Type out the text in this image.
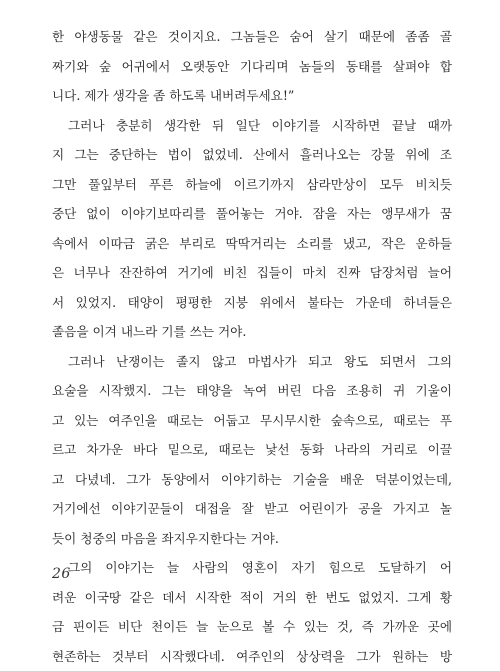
한 야생동물 같은 것이지요. 그놈들은 숨어 살기 때문에 좀좀 골
짜기와 숲 어귀에서 오랫동안 기다리며 놈들의 동태를 살펴야 합
니다. 제가 생각을 좀 하도록 내버려두세요!”
그러나 충분히 생각한 뒤 일단 이야기를 시작하면 끝날 때까
지 그는 중단하는 법이 없었네. 산에서 흘러나오는 강물 위에 조
그만 풀잎부터 푸른 하늘에 이르기까지 삼라만상이 모두 비치듯
중단 없이 이야기보따리를 풀어놓는 거야. 잠을 자는 앵무새가 꿈
속에서 이따금 굵은 부리로 딱딱거리는 소리를 냈고, 작은 운하들
은 너무나 잔잔하여 거기에 비친 집들이 마치 진짜 담장처럼 늘어
서 있었지. 태양이 평평한 지붕 위에서 불타는 가운데 하녀들은
졸음을 이겨 내느라 기를 쓰는 거야.
그러나 난쟁이는 졸지 않고 마법사가 되고 왕도 되면서 그의
요술을 시작했지. 그는 태양을 녹여 버린 다음 조용히 귀 기울이
고 있는 여주인을 때로는 어둡고 무시무시한 숲속으로, 때로는 푸
르고 차가운 바다 밑으로, 때로는 낯선 동화 나라의 거리로 이끌
고 다녔네. 그가 동양에서 이야기하는 기술을 배운 덕분이었는데,
거기에선 이야기꾼들이 대접을 잘 받고 어린이가 공을 가지고 놀
듯이 청중의 마음을 좌지우지한다는 거야.
그의 이야기는 늘 사람의 영혼이 자기 힘으로 도달하기 어
려운 이국땅 같은 데서 시작한 적이 거의 한 번도 없었지. 그게 황
금 핀이든 비단 천이든 늘 눈으로 볼 수 있는 것, 즉 가까운 곳에
현존하는 것부터 시작했다네. 여주인의 상상력을 그가 원하는 방
26
